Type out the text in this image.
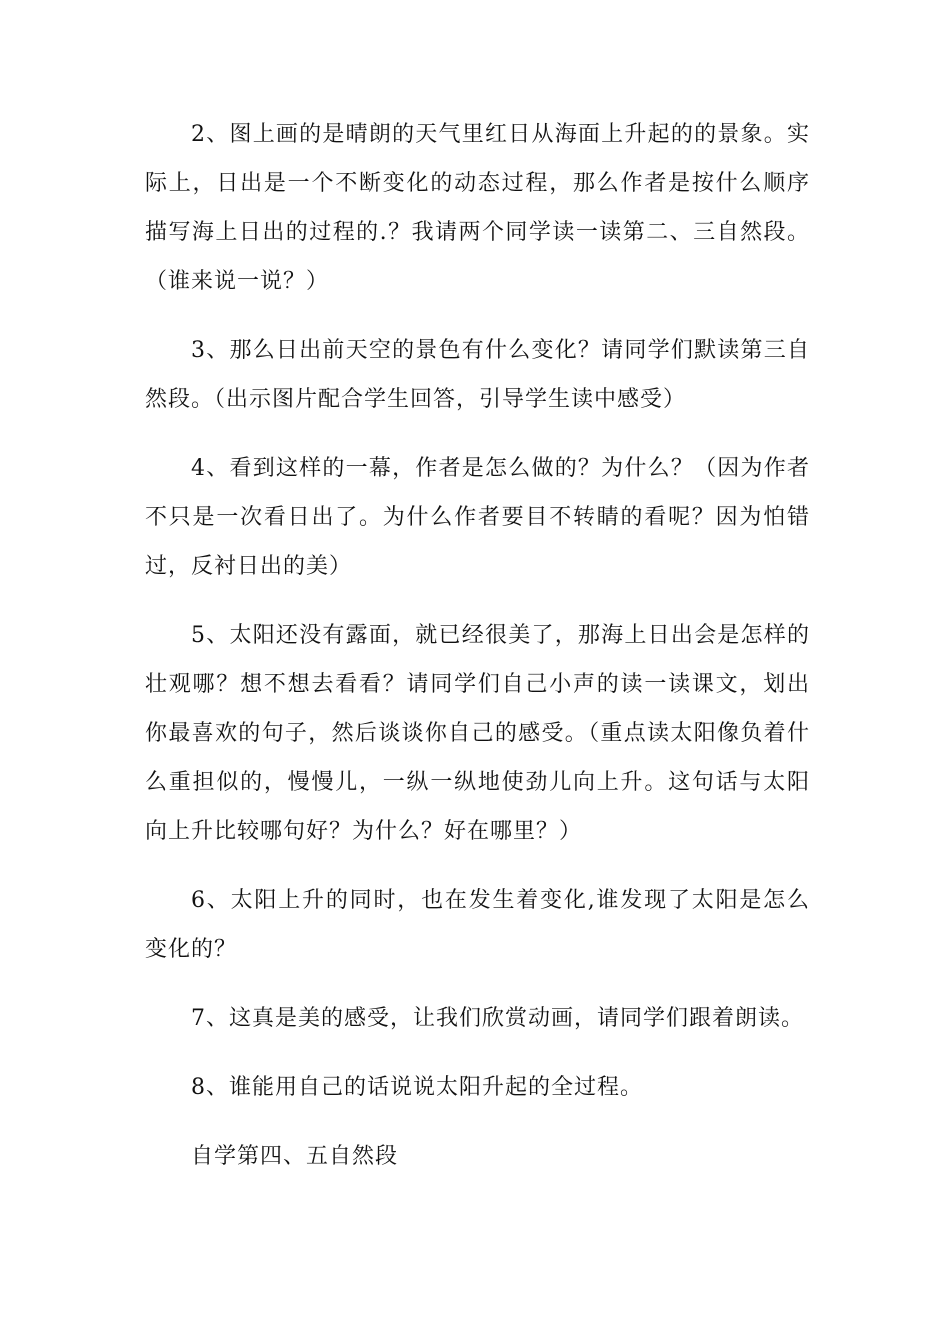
2、图上画的是晴朗的天气里红日从海面上升起的的景象。实际上，日出是一个不断变化的动态过程，那么作者是按什么顺序描写海上日出的过程的.？我请两个同学读一读第二、三自然段。（谁来说一说？）

3、那么日出前天空的景色有什么变化？请同学们默读第三自然段。（出示图片配合学生回答，引导学生读中感受）

4、看到这样的一幕，作者是怎么做的？为什么？（因为作者不只是一次看日出了。为什么作者要目不转睛的看呢？因为怕错过，反衬日出的美）

5、太阳还没有露面，就已经很美了，那海上日出会是怎样的壮观哪？想不想去看看？请同学们自己小声的读一读课文，划出你最喜欢的句子，然后谈谈你自己的感受。（重点读太阳像负着什么重担似的，慢慢儿，一纵一纵地使劲儿向上升。这句话与太阳向上升比较哪句好？为什么？好在哪里？）

6、太阳上升的同时，也在发生着变化,谁发现了太阳是怎么变化的？

7、这真是美的感受，让我们欣赏动画，请同学们跟着朗读。

8、谁能用自己的话说说太阳升起的全过程。

自学第四、五自然段
